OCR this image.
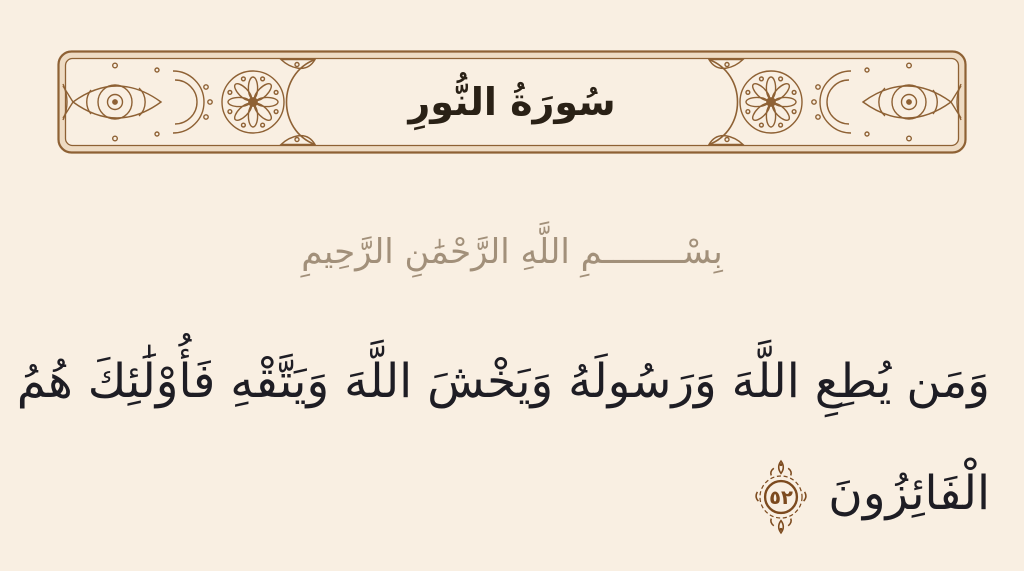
سُورَةُ النُّورِ
بِسْــــــــمِ اللَّهِ الرَّحْمَٰنِ الرَّحِيمِ
وَمَن يُطِعِ اللَّهَ وَرَسُولَهُ وَيَخْشَ اللَّهَ وَيَتَّقْهِ فَأُوْلَٰئِكَ هُمُ
الْفَائِزُونَ
٥٢
